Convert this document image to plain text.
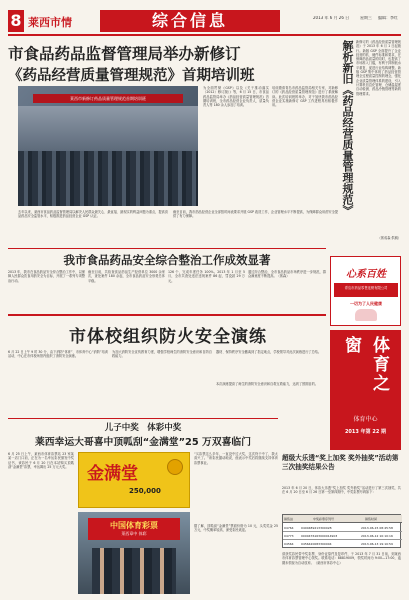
8 莱西市情	综合信息	2013 年 6 月 26 日	星期三 编辑：李红
市食品药品监督管理局举办新修订
《药品经营质量管理规范》首期培训班
莱西市新修订药品质量管理规范首期培训班
为全面贯彻《GSP》以及《关于推动落实（2012）修订版）》等，6 月 15 日，市食品药品监管局举办《药品经营质量管理规范》首期培训班，全市药品经营企业负责人、质量负责人等 180 余人参加了培训。
培训邀请青岛市药品监管局相关专家，对新修订的《药品经营质量管理规范》进行了系统解读。此次培训班的举办，对于加快我市药品经营企业实施新修订 GSP 工作进程具有积极作用。
去年以来，莱西市食品药品监督管理局以解决人民群众最关心、最直接、最现实的利益问题为重点，提高食品药品安全监管水平，积极推进药品经营企业 GSP 认证。
截至目前，我市药品经营企业全部按时间表要求开展 GSP 改造工作，企业管理水平不断提高，为保障群众用药安全提供了有力保障。
解析新旧《药品经营质量管理规范》 新修订的《药品经营质量管理规范》于 2013 年 6 月 1 日起施行。新版 GSP 全面提升了企业经营的软、硬件标准和要求，在保障药品质量的同时，也提高了市场准入门槛，有利于抑制低水平重复，促进行业结构调整。新版 GSP 集中体现了药品经营管理全过程质量控制的理念，强化企业质量管理体系的建设，引入计算机信息化管理、仓储温湿度自动检测、药品冷链管理等新的管理要求。
（郭成森 供稿）
我市食品药品安全综合整治工作成效显著
2013 年，我市在食品药品安全综合整治工作中，以保障人民群众饮食用药安全为目标，开展了一系列专项整治行动。
截至目前，共检查食品药品生产经营单位 3000 余家次，查处案件 180 余起，全市食品药品安全形势总体平稳。
126 个，完成年度任务 100%。2013 年 1 月至 5 月，全市共查处违法违规案件 86 起，罚没款 29 万元。
通过综合整治，全市食品药品市场秩序进一步规范，群众满意度不断提高。（郭森）	心系百姓
青岛市药品零售连锁有限公司
一切为了人民健康
市体校组织防火安全演练
6 月 22 日上午 9 时 30 分，由下消防“体育”、市体育中心“消防”培训活动，中心在市体校场馆内组织了消防安全演练。
为加大消防安全宣传教育力度，增强学校师生的消防安全意识和自防自救能力。
器材、保持秩序安全撤离到了指定地点，学校领导对此次演练进行了总结。
本次演练提高了师生的消防安全意识和自救互救能力，达到了预期目的。	体育之窗
体育中心
2013 年第 22 期
儿子中奖　体彩中奖
莱西幸运大哥喜中顶呱刮“金满堂”25 万双喜临门
6 月 25 日上午，莱西市体育彩票站 23 家某某一店门口前，正在为一名幸运彩民颁发中奖证书，该彩民于 6 月 20 日在本站购买顶呱刮“金满堂”彩票，幸运揭出 25 万元大奖。	金满堂
250,000
中国体育彩票
莱西章中 体彩
“买彩票这么多年，一直没中过大奖，这次终于中了，我太高兴了。”该彩民激动地说，他表示中奖后将继续支持体育彩票事业。
据了解，顶呱刮“金满堂”票面价格为 10 元，头奖奖金 25 万元，中奖概率较高，深受彩民欢迎。
超级大乐透“奖上加奖 奖外抽奖”活动第三次抽奖结果公告
2013 年 6 月 20 日，体彩大乐透“奖上加奖 奖外抽奖”活动进行了第三次抽奖，共在 6 月 20 日至 6 月 26 日第一至第四期中，中奖彩票号码如下：
销售站	中奖彩票序列号	销售时间
04764 0400489213300028	2013-06-15 08:45:58
04773 0000476163000014903	2013-06-12 10:10:16
04564 0456420083300004	2013-06-13 19:10:59
请获奖彩民带中奖彩票、身份证原件及复印件，于 2013 年 7 月 31 日前，到莱西市体育彩票管理中心领奖。联系电话：88819009，领奖时间为 9:00—17:00，逾期未领视为自动放弃。（莱西市体彩中心）
